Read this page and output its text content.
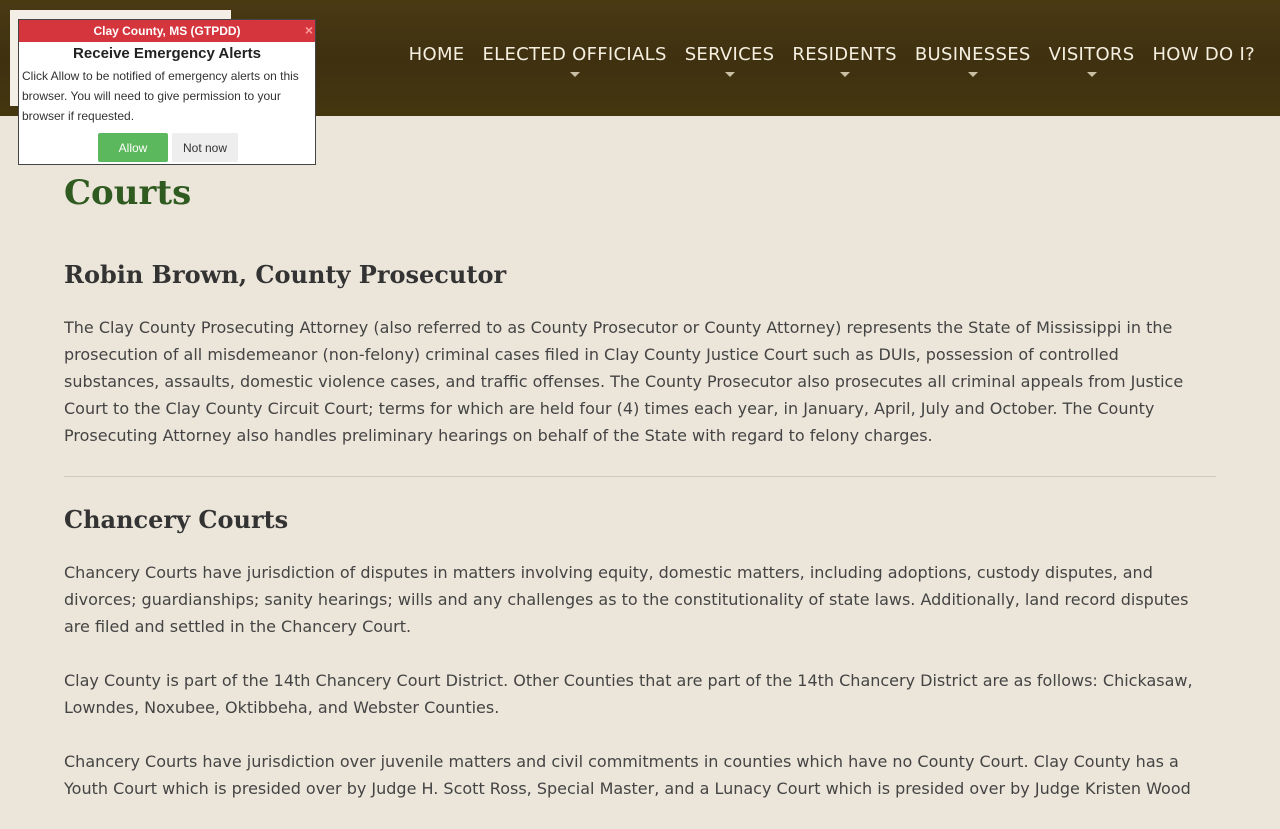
HOME	ELECTED OFFICIALS	SERVICES	RESIDENTS	BUSINESSES	VISITORS	HOW DO I?
Clay County, MS (GTPDD)	×
Receive Emergency Alerts
Click Allow to be notified of emergency alerts on this browser. You will need to give permission to your browser if requested.
Allow	Not now
Courts
Robin Brown, County Prosecutor

The Clay County Prosecuting Attorney (also referred to as County Prosecutor or County Attorney) represents the State of Mississippi in the prosecution of all misdemeanor (non-felony) criminal cases filed in Clay County Justice Court such as DUIs, possession of controlled substances, assaults, domestic violence cases, and traffic offenses. The County Prosecutor also prosecutes all criminal appeals from Justice Court to the Clay County Circuit Court; terms for which are held four (4) times each year, in January, April, July and October. The County Prosecuting Attorney also handles preliminary hearings on behalf of the State with regard to felony charges.

Chancery Courts

Chancery Courts have jurisdiction of disputes in matters involving equity, domestic matters, including adoptions, custody disputes, and divorces; guardianships; sanity hearings; wills and any challenges as to the constitutionality of state laws. Additionally, land record disputes are filed and settled in the Chancery Court.

Clay County is part of the 14th Chancery Court District. Other Counties that are part of the 14th Chancery District are as follows: Chickasaw, Lowndes, Noxubee, Oktibbeha, and Webster Counties.

Chancery Courts have jurisdiction over juvenile matters and civil commitments in counties which have no County Court. Clay County has a Youth Court which is presided over by Judge H. Scott Ross, Special Master, and a Lunacy Court which is presided over by Judge Kristen Wood
